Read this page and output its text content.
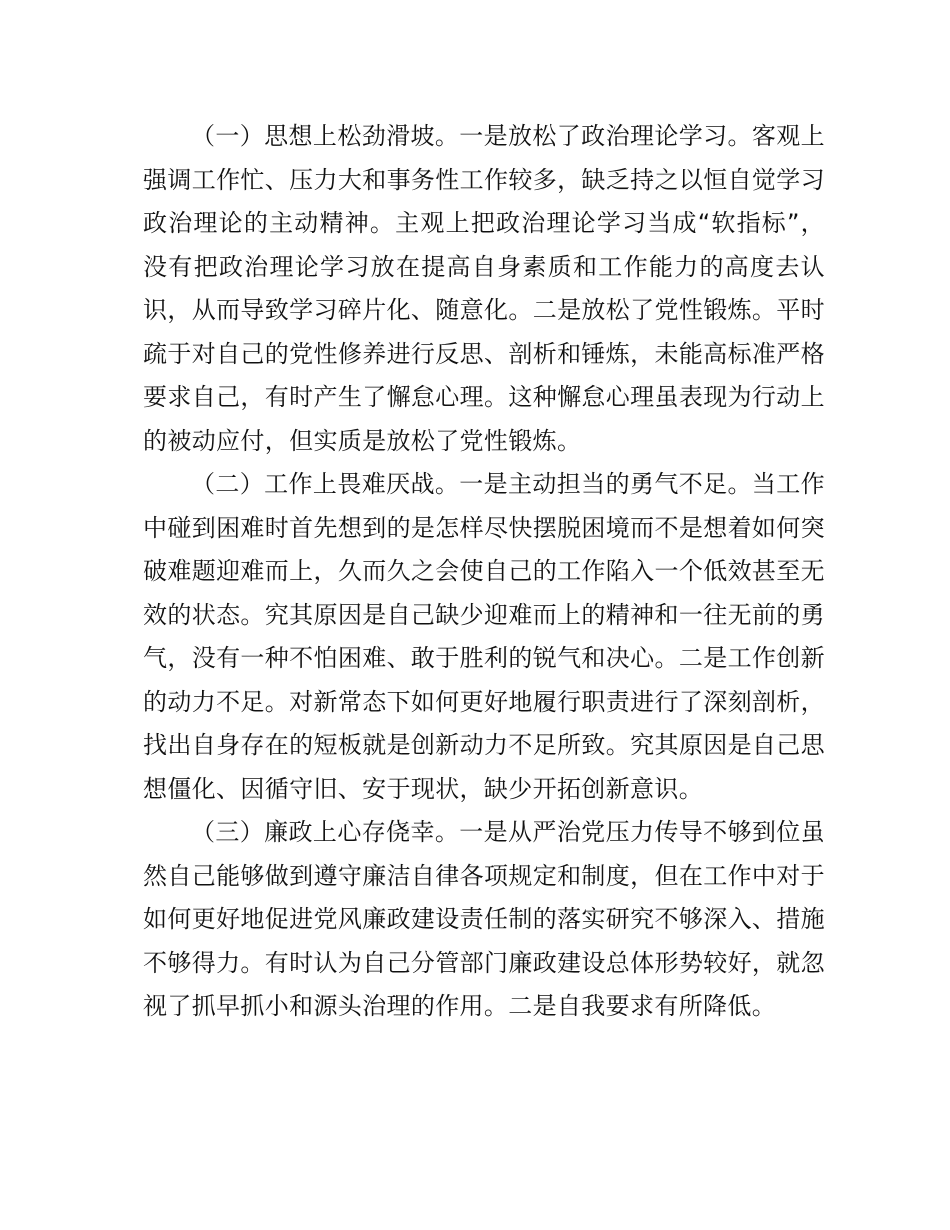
（一）思想上松劲滑坡。一是放松了政治理论学习。客观上强调工作忙、压力大和事务性工作较多，缺乏持之以恒自觉学习政治理论的主动精神。主观上把政治理论学习当成“软指标”，没有把政治理论学习放在提高自身素质和工作能力的高度去认识，从而导致学习碎片化、随意化。二是放松了党性锻炼。平时疏于对自己的党性修养进行反思、剖析和锤炼，未能高标准严格要求自己，有时产生了懈怠心理。这种懈怠心理虽表现为行动上的被动应付，但实质是放松了党性锻炼。

（二）工作上畏难厌战。一是主动担当的勇气不足。当工作中碰到困难时首先想到的是怎样尽快摆脱困境而不是想着如何突破难题迎难而上，久而久之会使自己的工作陷入一个低效甚至无效的状态。究其原因是自己缺少迎难而上的精神和一往无前的勇气，没有一种不怕困难、敢于胜利的锐气和决心。二是工作创新的动力不足。对新常态下如何更好地履行职责进行了深刻剖析，找出自身存在的短板就是创新动力不足所致。究其原因是自己思想僵化、因循守旧、安于现状，缺少开拓创新意识。

（三）廉政上心存侥幸。一是从严治党压力传导不够到位虽然自己能够做到遵守廉洁自律各项规定和制度，但在工作中对于如何更好地促进党风廉政建设责任制的落实研究不够深入、措施不够得力。有时认为自己分管部门廉政建设总体形势较好，就忽视了抓早抓小和源头治理的作用。二是自我要求有所降低。
